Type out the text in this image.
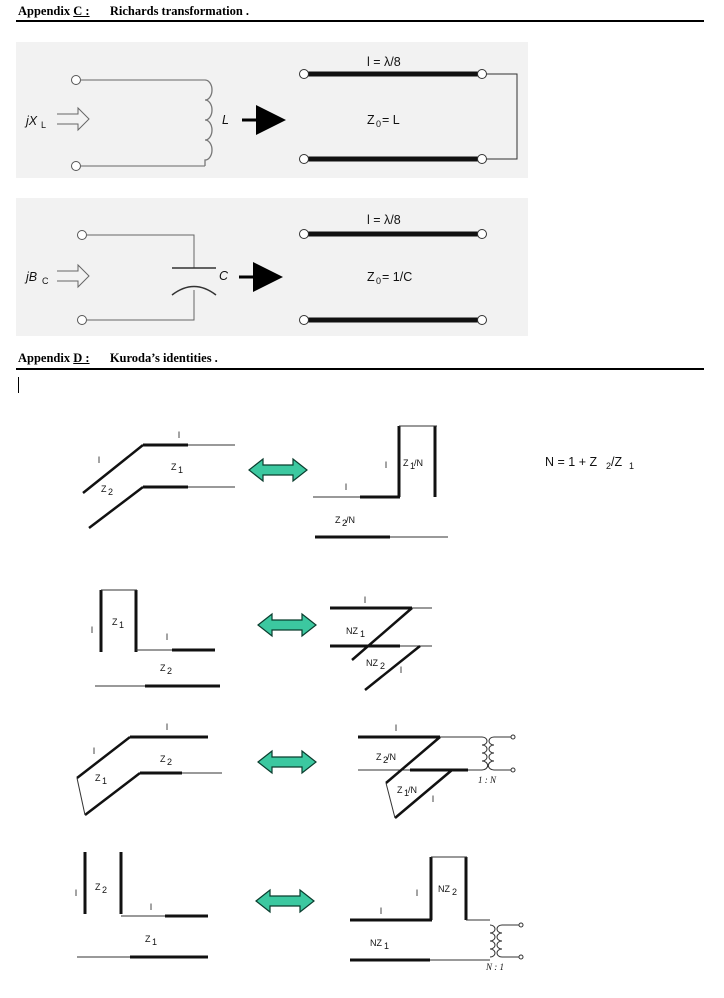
Appendix C : Richards transformation .
Appendix D : Kuroda’s identities .
jX L	L
l = λ/8
Z 0 = L
jB C	C
l = λ/8
Z 0 = 1/C
l
l
Z 1
Z 2
l
l
Z 1
/N
Z 2
/N
N = 1 + Z 2 /Z 1
l
Z 1
l
Z 2
l
NZ 1
NZ 2 l
l
l
Z 2
Z 1
l
Z 2
/N
Z 1
/N
l
1 : N
l
Z 2
l
Z 1
l NZ 2
l
NZ 1
N : 1
